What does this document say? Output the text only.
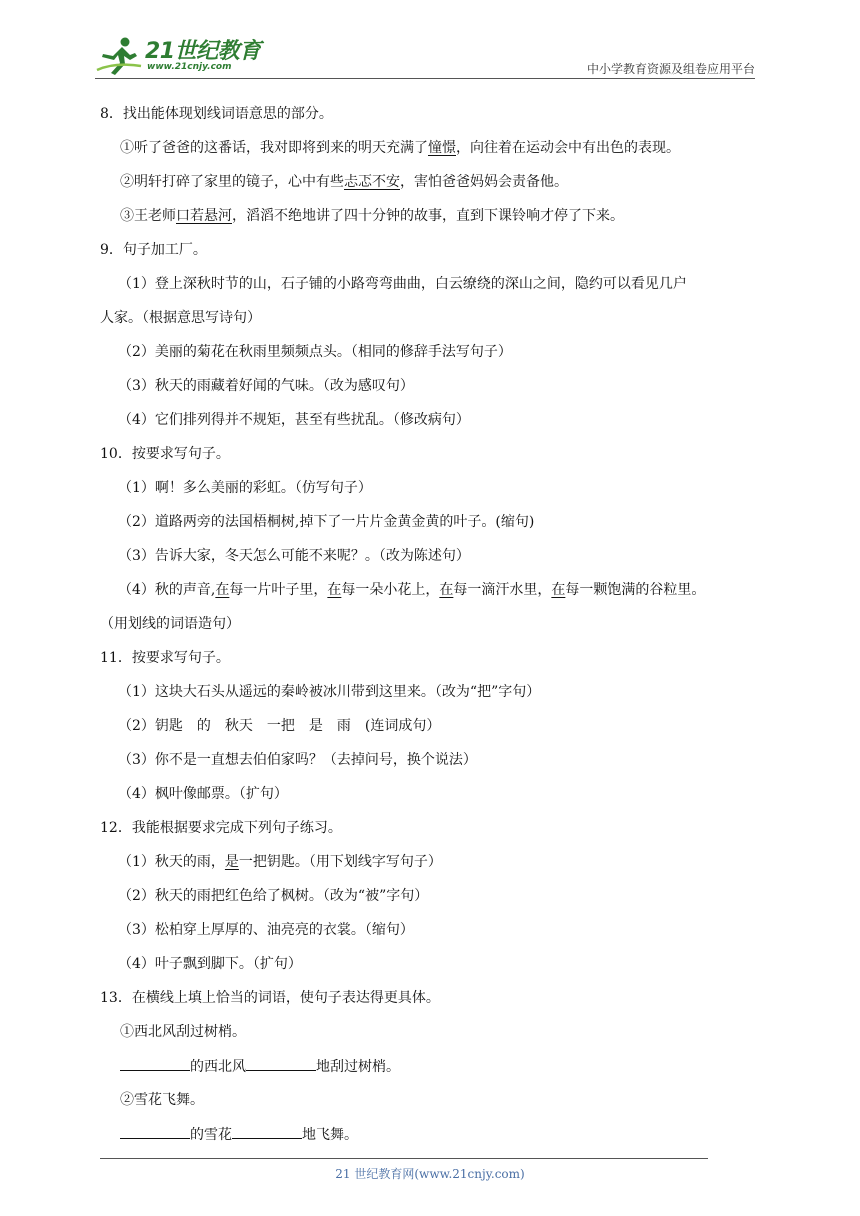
21世纪教育
www.21cnjy.com	中小学教育资源及组卷应用平台
8．找出能体现划线词语意思的部分。
①听了爸爸的这番话，我对即将到来的明天充满了憧憬，向往着在运动会中有出色的表现。
②明轩打碎了家里的镜子，心中有些忐忑不安，害怕爸爸妈妈会责备他。
③王老师口若悬河，滔滔不绝地讲了四十分钟的故事，直到下课铃响才停了下来。
9．句子加工厂。
（1）登上深秋时节的山，石子铺的小路弯弯曲曲，白云缭绕的深山之间，隐约可以看见几户
人家。（根据意思写诗句）
（2）美丽的菊花在秋雨里频频点头。（相同的修辞手法写句子）
（3）秋天的雨藏着好闻的气味。（改为感叹句）
（4）它们排列得并不规矩，甚至有些扰乱。（修改病句）
10．按要求写句子。
（1）啊！多么美丽的彩虹。（仿写句子）
（2）道路两旁的法国梧桐树,掉下了一片片金黄金黄的叶子。(缩句)
（3）告诉大家，冬天怎么可能不来呢？。（改为陈述句）
（4）秋的声音,在每一片叶子里，在每一朵小花上，在每一滴汗水里，在每一颗饱满的谷粒里。
（用划线的词语造句）
11．按要求写句子。
（1）这块大石头从遥远的秦岭被冰川带到这里来。（改为“把”字句）
（2）钥匙　的　秋天　一把　是　雨　(连词成句）
（3）你不是一直想去伯伯家吗？（去掉问号，换个说法）
（4）枫叶像邮票。（扩句）
12．我能根据要求完成下列句子练习。
（1）秋天的雨，是一把钥匙。（用下划线字写句子）
（2）秋天的雨把红色给了枫树。（改为“被”字句）
（3）松柏穿上厚厚的、油亮亮的衣裳。（缩句）
（4）叶子飘到脚下。（扩句）
13．在横线上填上恰当的词语，使句子表达得更具体。
①西北风刮过树梢。
的西北风	地刮过树梢。
②雪花飞舞。
的雪花	地飞舞。
21 世纪教育网(www.21cnjy.com)
